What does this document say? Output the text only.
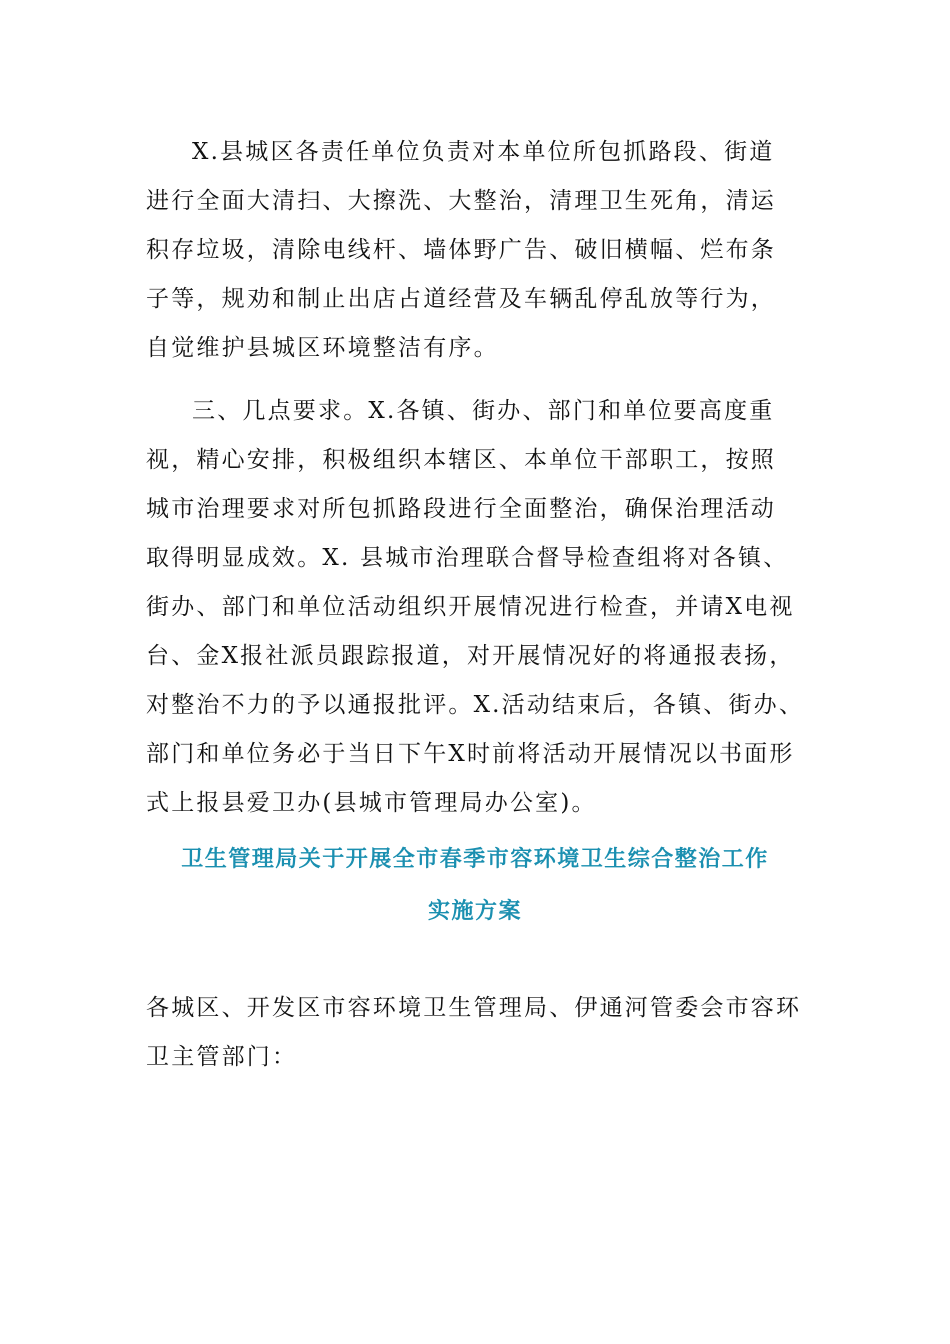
X.县城区各责任单位负责对本单位所包抓路段、街道
进行全面大清扫、大擦洗、大整治，清理卫生死角，清运
积存垃圾，清除电线杆、墙体野广告、破旧横幅、烂布条
子等，规劝和制止出店占道经营及车辆乱停乱放等行为，
自觉维护县城区环境整洁有序。
三、几点要求。X.各镇、街办、部门和单位要高度重
视，精心安排，积极组织本辖区、本单位干部职工，按照
城市治理要求对所包抓路段进行全面整治，确保治理活动
取得明显成效。X. 县城市治理联合督导检查组将对各镇、
街办、部门和单位活动组织开展情况进行检查，并请X电视
台、金X报社派员跟踪报道，对开展情况好的将通报表扬，
对整治不力的予以通报批评。X.活动结束后，各镇、街办、
部门和单位务必于当日下午X时前将活动开展情况以书面形
式上报县爱卫办(县城市管理局办公室)。
卫生管理局关于开展全市春季市容环境卫生综合整治工作
实施方案
各城区、开发区市容环境卫生管理局、伊通河管委会市容环
卫主管部门：
